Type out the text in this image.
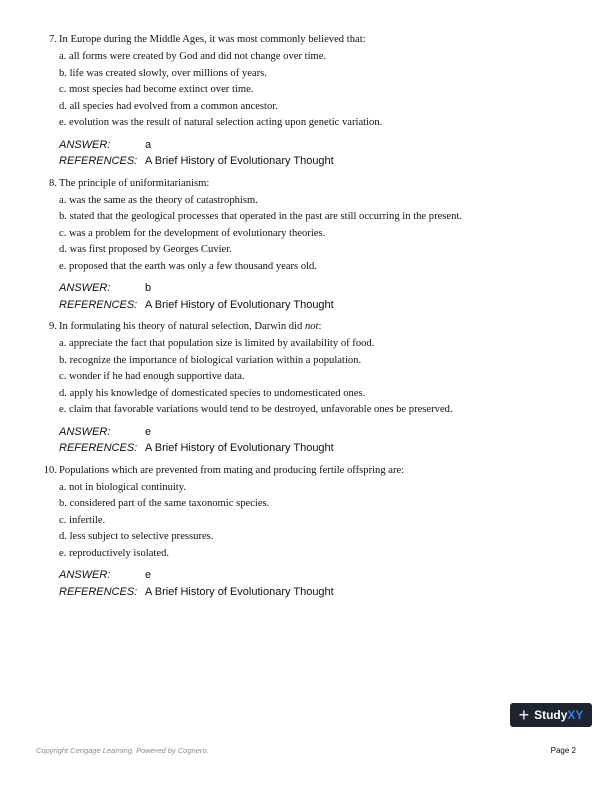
7. In Europe during the Middle Ages, it was most commonly believed that:
a. all forms were created by God and did not change over time.
b. life was created slowly, over millions of years.
c. most species had become extinct over time.
d. all species had evolved from a common ancestor.
e. evolution was the result of natural selection acting upon genetic variation.
ANSWER:	a
REFERENCES: A Brief History of Evolutionary Thought
8. The principle of uniformitarianism:
a. was the same as the theory of catastrophism.
b. stated that the geological processes that operated in the past are still occurring in the present.
c. was a problem for the development of evolutionary theories.
d. was first proposed by Georges Cuvier.
e. proposed that the earth was only a few thousand years old.
ANSWER:	b
REFERENCES: A Brief History of Evolutionary Thought
9. In formulating his theory of natural selection, Darwin did not:
a. appreciate the fact that population size is limited by availability of food.
b. recognize the importance of biological variation within a population.
c. wonder if he had enough supportive data.
d. apply his knowledge of domesticated species to undomesticated ones.
e. claim that favorable variations would tend to be destroyed, unfavorable ones be preserved.
ANSWER:	e
REFERENCES: A Brief History of Evolutionary Thought
10. Populations which are prevented from mating and producing fertile offspring are:
a. not in biological continuity.
b. considered part of the same taxonomic species.
c. infertile.
d. less subject to selective pressures.
e. reproductively isolated.
ANSWER:	e
REFERENCES: A Brief History of Evolutionary Thought
+ Study XY
Copyright Cengage Learning. Powered by Cognero.	Page 2
